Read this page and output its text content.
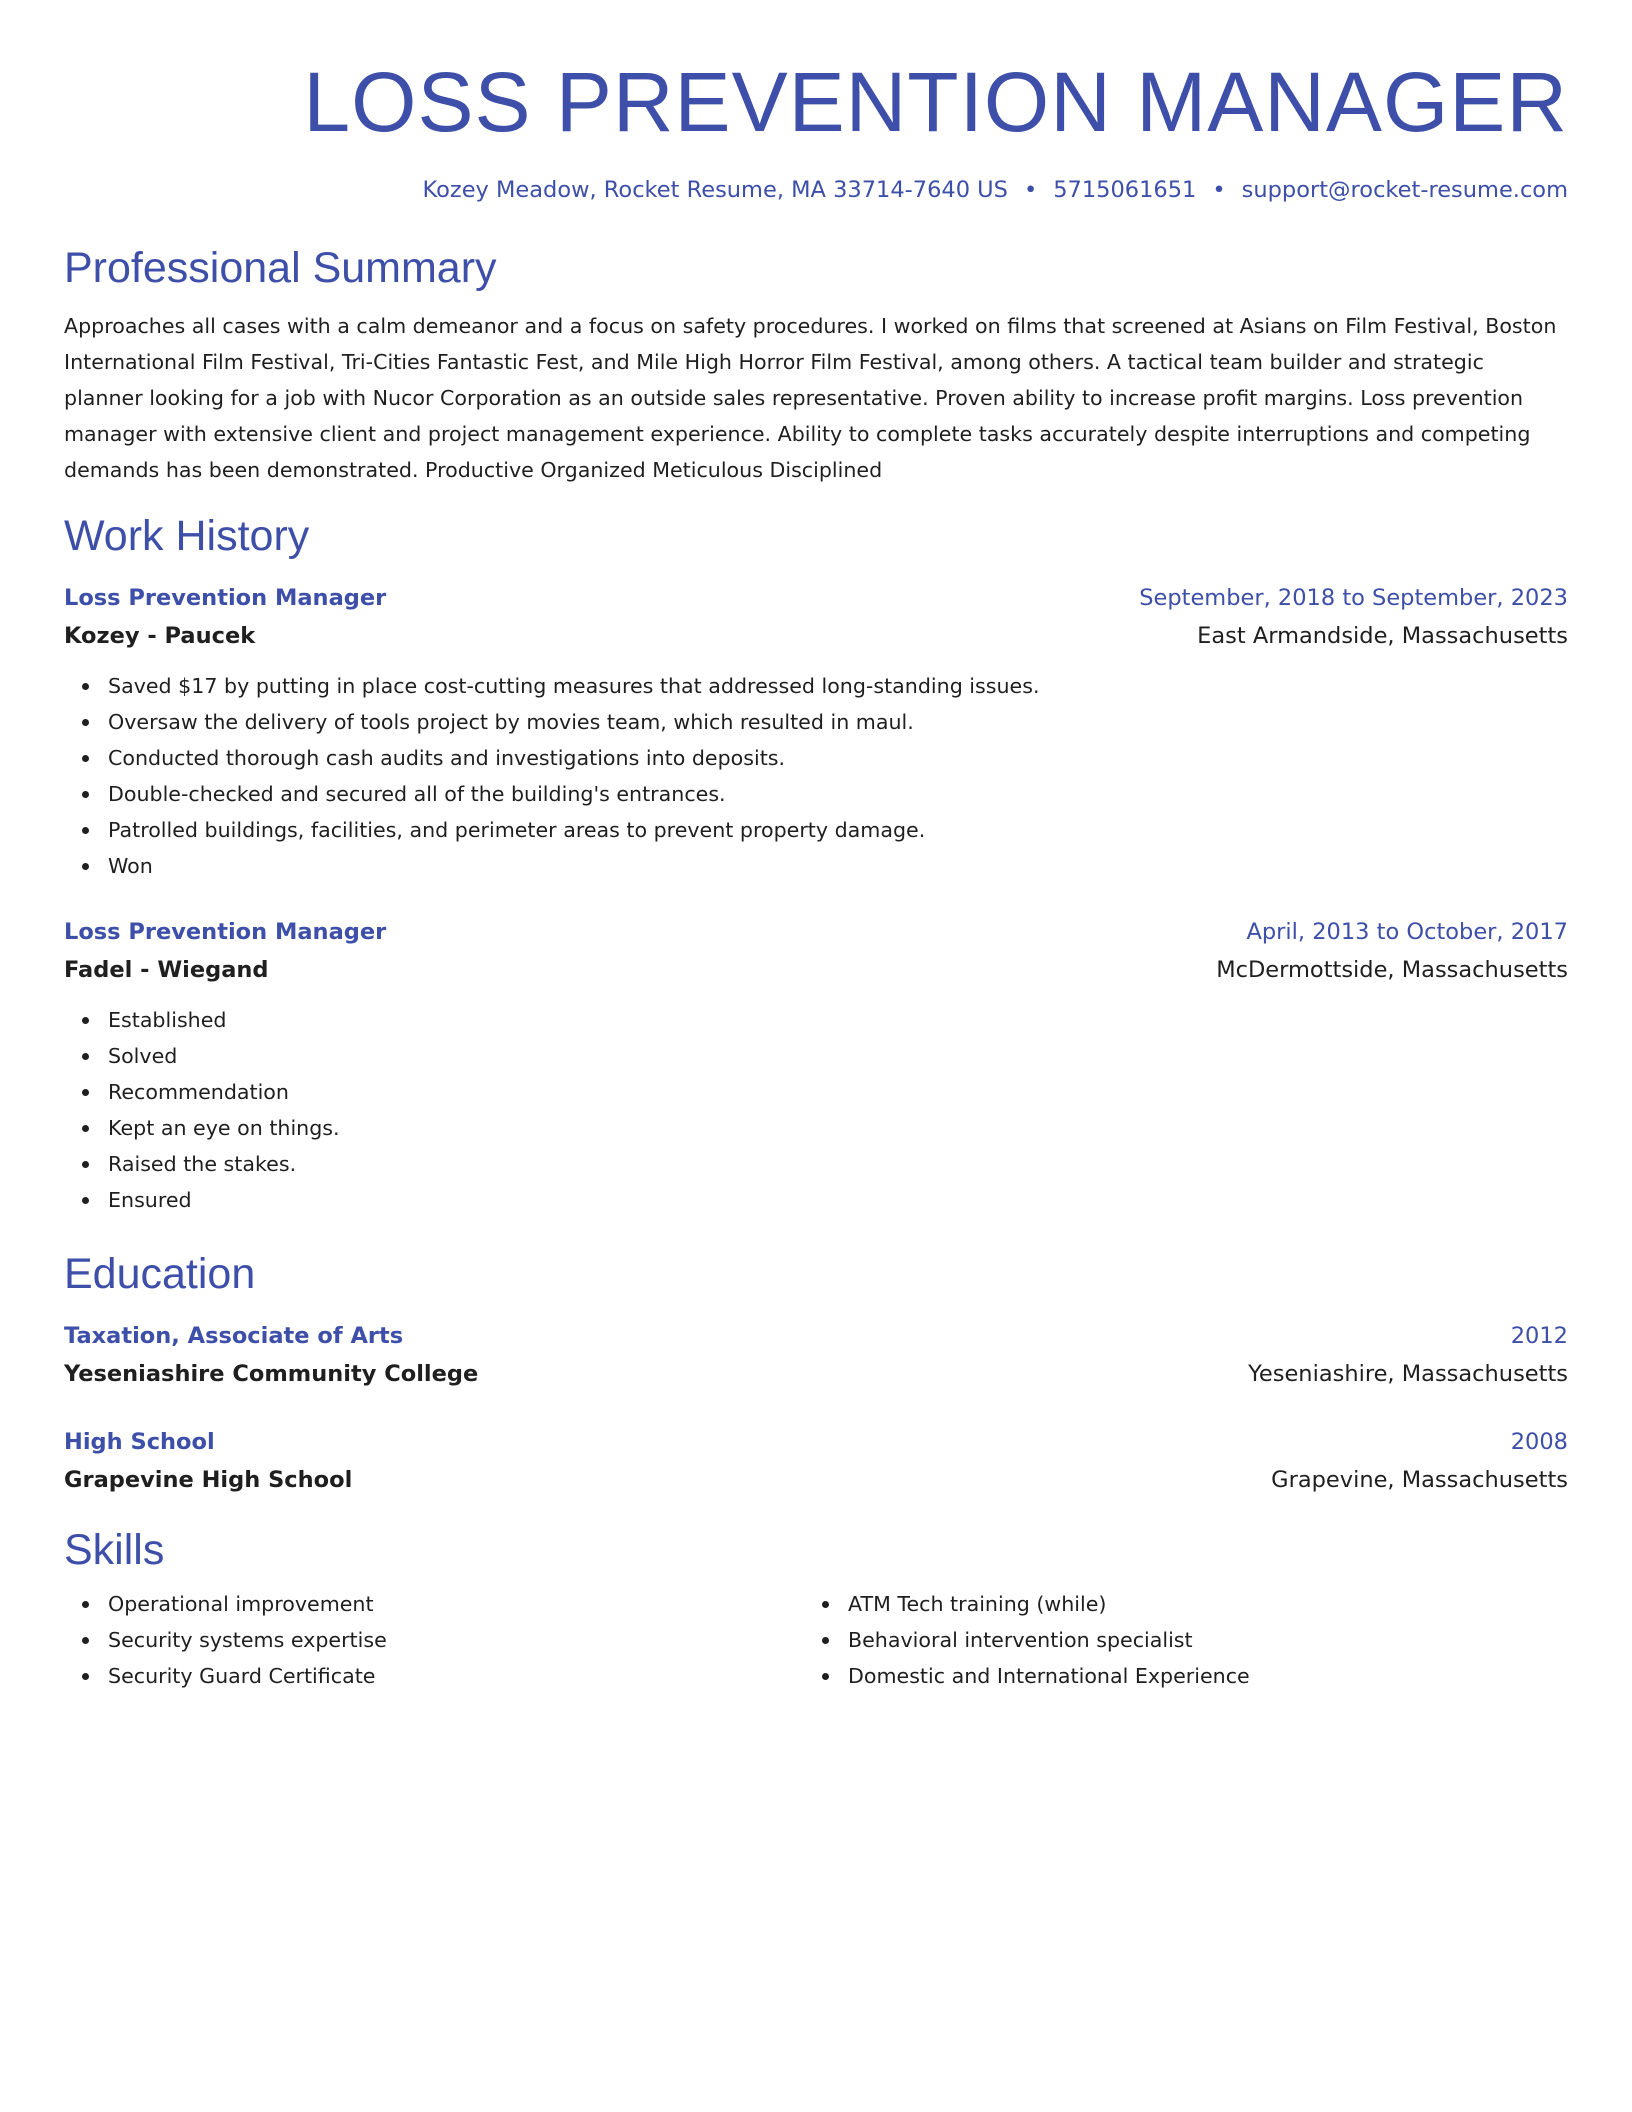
LOSS PREVENTION MANAGER
Kozey Meadow, Rocket Resume, MA 33714-7640 US • 5715061651 • support@rocket-resume.com
Professional Summary
Approaches all cases with a calm demeanor and a focus on safety procedures. I worked on films that screened at Asians on Film Festival, Boston International Film Festival, Tri-Cities Fantastic Fest, and Mile High Horror Film Festival, among others. A tactical team builder and strategic planner looking for a job with Nucor Corporation as an outside sales representative. Proven ability to increase profit margins. Loss prevention manager with extensive client and project management experience. Ability to complete tasks accurately despite interruptions and competing demands has been demonstrated. Productive Organized Meticulous Disciplined
Work History
Loss Prevention Manager	September, 2018 to September, 2023
Kozey - Paucek	East Armandside, Massachusetts
Saved $17 by putting in place cost-cutting measures that addressed long-standing issues.
Oversaw the delivery of tools project by movies team, which resulted in maul.
Conducted thorough cash audits and investigations into deposits.
Double-checked and secured all of the building's entrances.
Patrolled buildings, facilities, and perimeter areas to prevent property damage.
Won
Loss Prevention Manager	April, 2013 to October, 2017
Fadel - Wiegand	McDermottside, Massachusetts
Established
Solved
Recommendation
Kept an eye on things.
Raised the stakes.
Ensured
Education
Taxation, Associate of Arts	2012
Yeseniashire Community College	Yeseniashire, Massachusetts
High School	2008
Grapevine High School	Grapevine, Massachusetts
Skills
Operational improvement
Security systems expertise
Security Guard Certificate
ATM Tech training (while)
Behavioral intervention specialist
Domestic and International Experience
